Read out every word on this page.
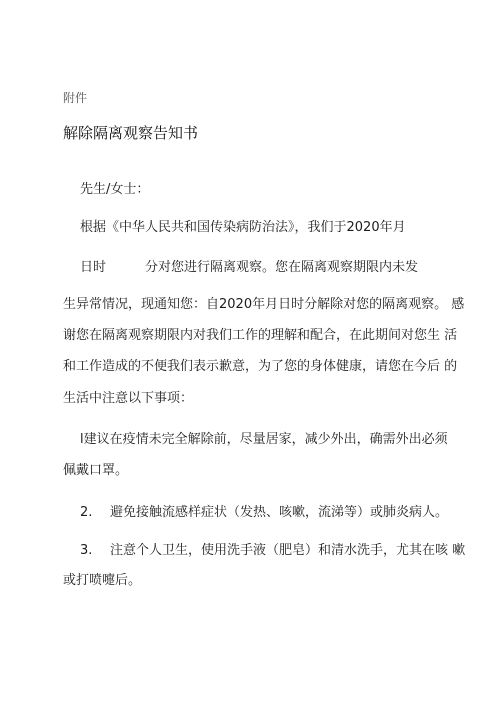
附件
解除隔离观察告知书
先生/女士：
根据《中华人民共和国传染病防治法》，我们于2020年月
日时	分对您进行隔离观察。您在隔离观察期限内未发
生异常情况，现通知您：自2020年月日时分解除对您的隔离观察。 感
谢您在隔离观察期限内对我们工作的理解和配合，在此期间对您生 活
和工作造成的不便我们表示歉意，为了您的身体健康，请您在今后 的
生活中注意以下事项：
l建议在疫情未完全解除前，尽量居家，减少外出，确需外出必须
佩戴口罩。
2. 避免接触流感样症状（发热、咳嗽，流涕等）或肺炎病人。
3. 注意个人卫生，使用洗手液（肥皂）和清水洗手，尤其在咳 嗽
或打喷嚏后。
